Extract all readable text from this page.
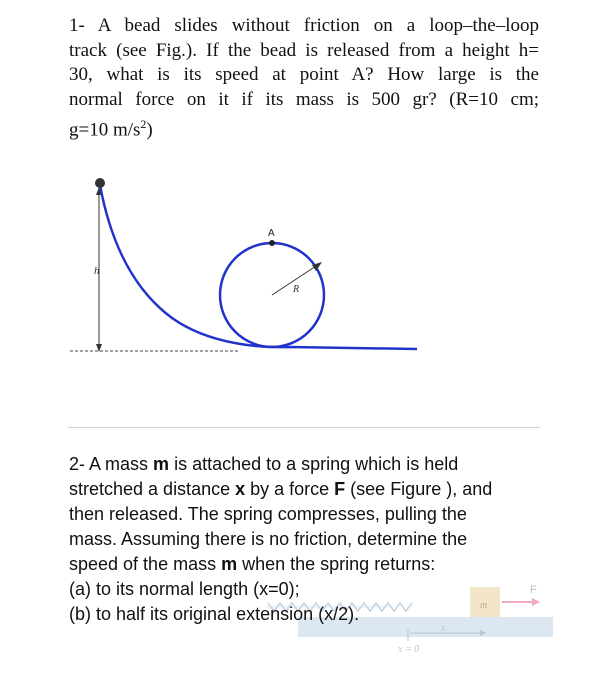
1- A bead slides without friction on a loop–the–loop
track (see Fig.). If the bead is released from a height h=
30, what is its speed at point A? How large is the
normal force on it if its mass is 500 gr? (R=10 cm;
g=10 $m/s^2$)
h
R
A
m
F
x
x = 0
2- A mass m is attached to a spring which is held
stretched a distance x by a force F (see Figure ), and
then released. The spring compresses, pulling the
mass. Assuming there is no friction, determine the
speed of the mass m when the spring returns:
(a) to its normal length (x=0);
(b) to half its original extension (x/2).
